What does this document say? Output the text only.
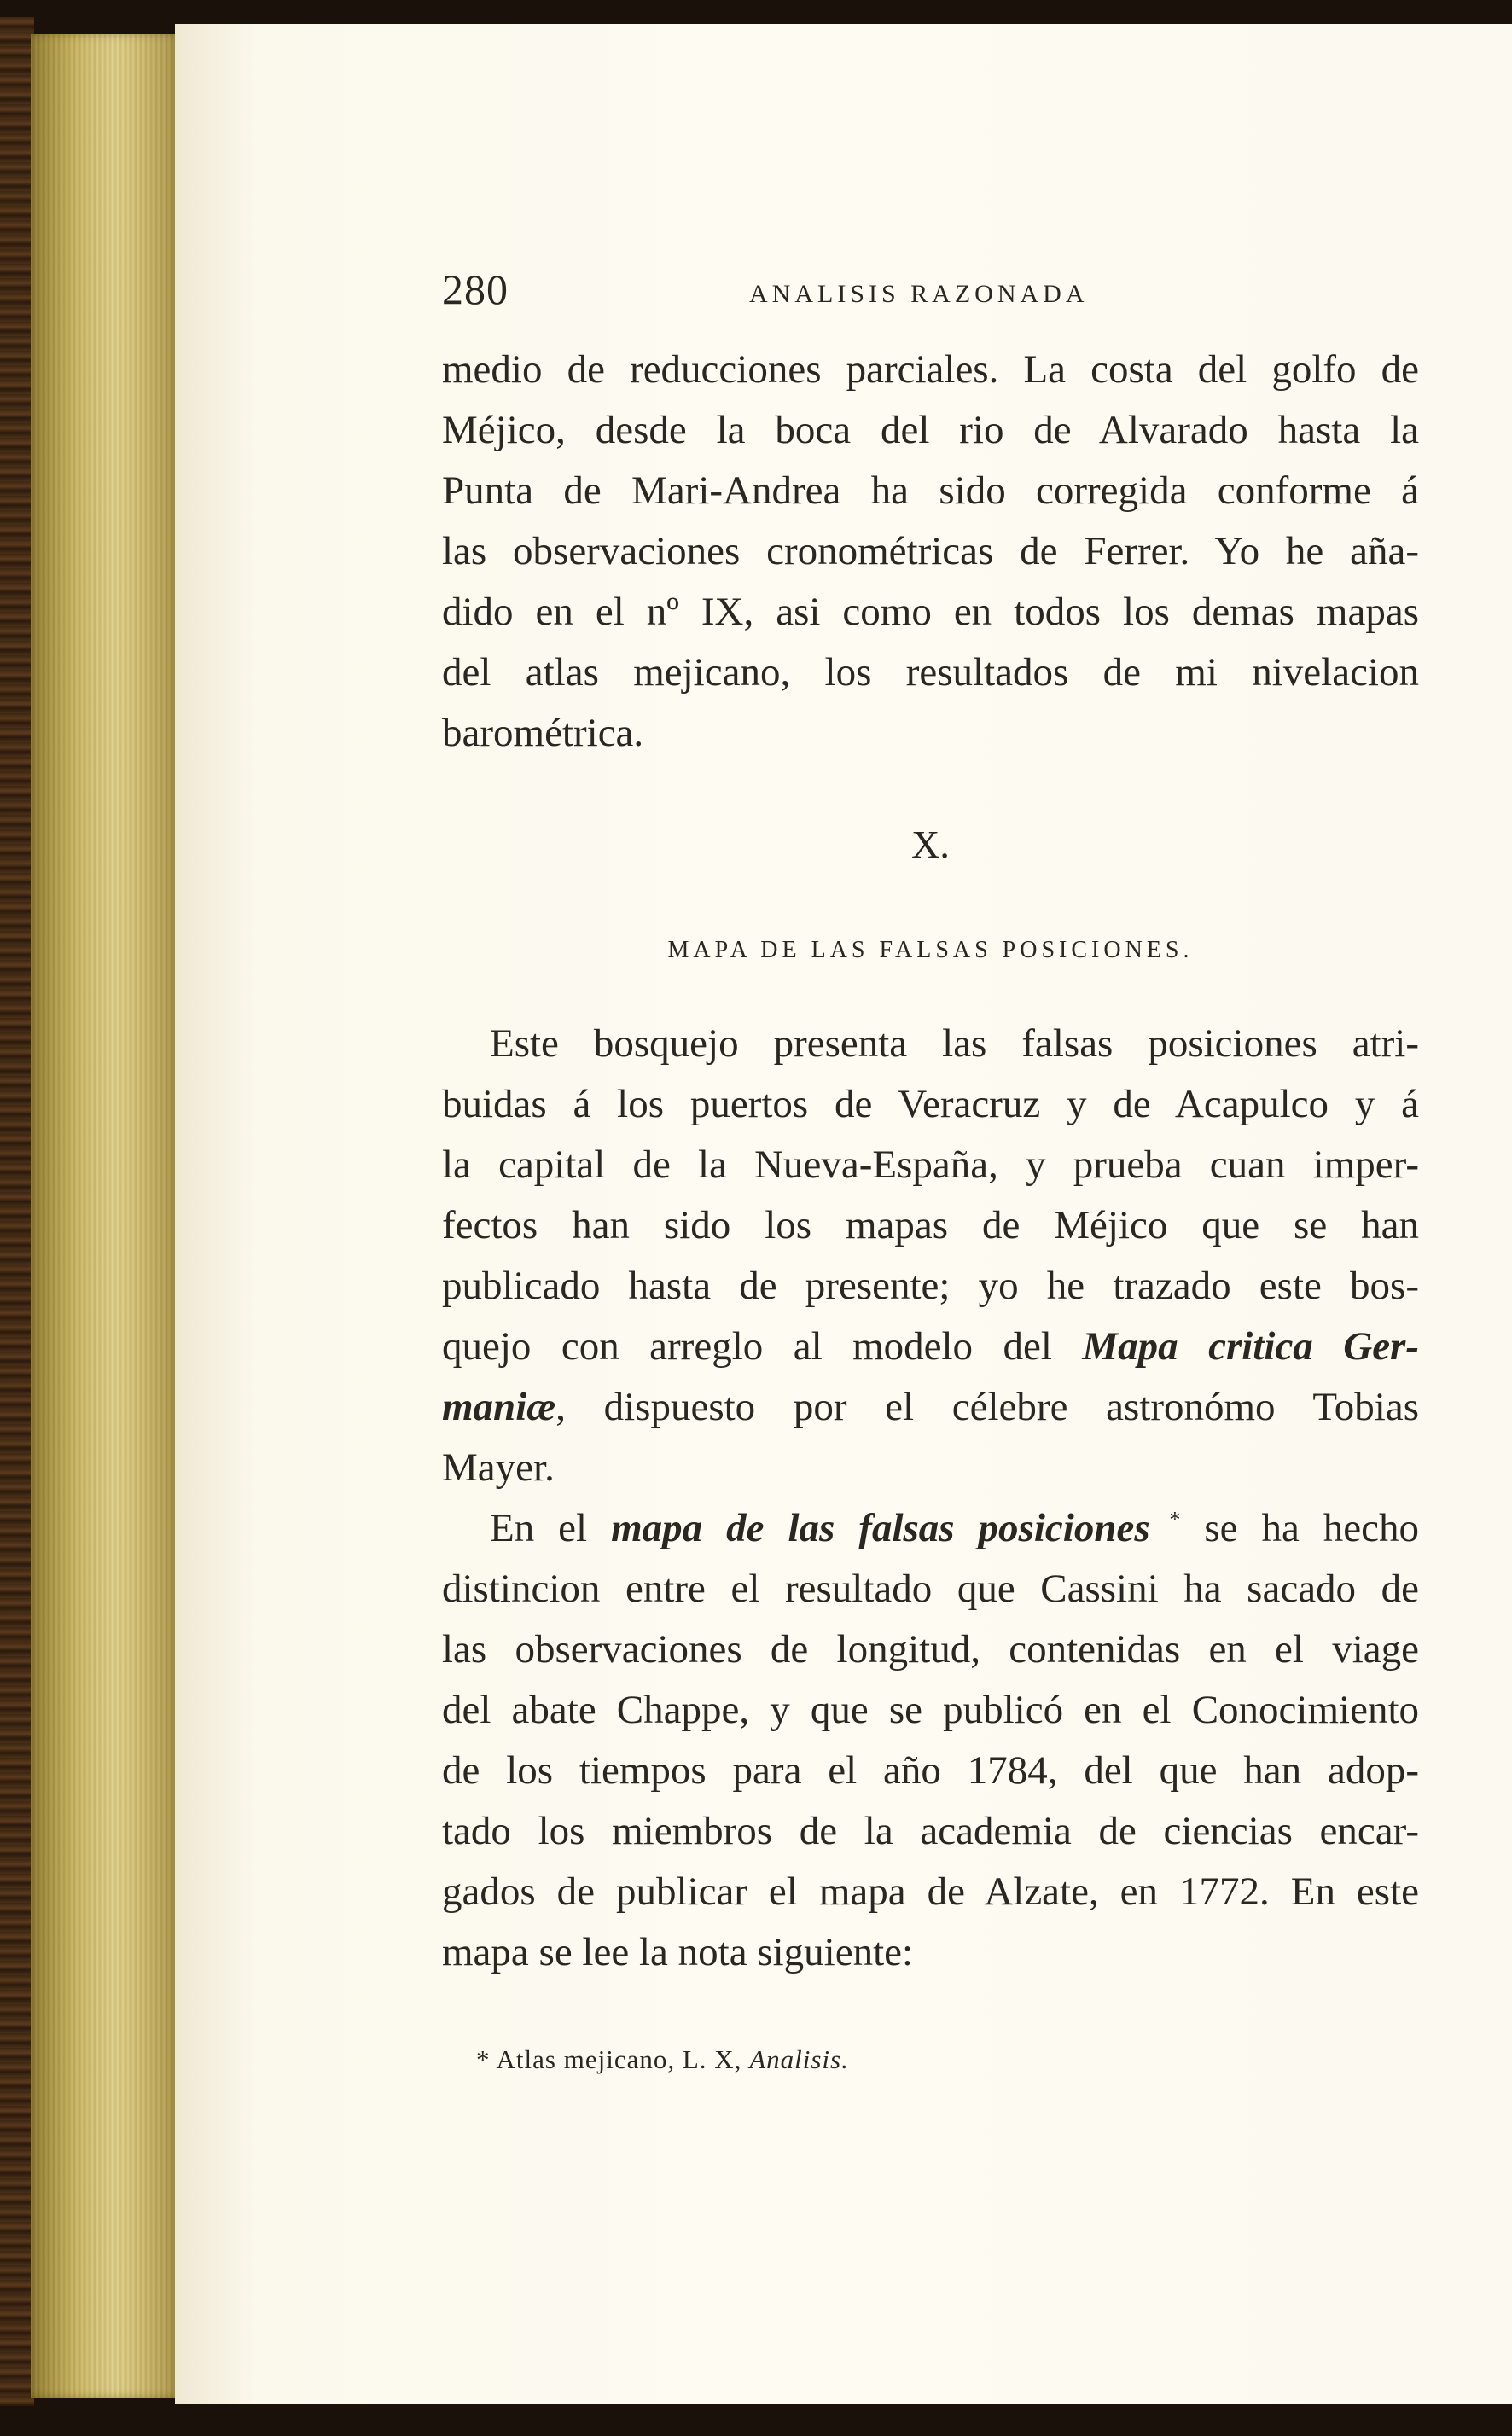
280	ANALISIS RAZONADA
medio de reducciones parciales. La costa del golfo de
Méjico, desde la boca del rio de Alvarado hasta la
Punta de Mari-Andrea ha sido corregida conforme á
las observaciones cronométricas de Ferrer. Yo he aña-
dido en el nº IX, asi como en todos los demas mapas
del atlas mejicano, los resultados de mi nivelacion
barométrica.
X.
MAPA DE LAS FALSAS POSICIONES.
Este bosquejo presenta las falsas posiciones atri-
buidas á los puertos de Veracruz y de Acapulco y á
la capital de la Nueva-España, y prueba cuan imper-
fectos han sido los mapas de Méjico que se han
publicado hasta de presente; yo he trazado este bos-
quejo con arreglo al modelo del Mapa critica Ger-
maniæ, dispuesto por el célebre astronómo Tobias
Mayer.
En el mapa de las falsas posiciones * se ha hecho
distincion entre el resultado que Cassini ha sacado de
las observaciones de longitud, contenidas en el viage
del abate Chappe, y que se publicó en el Conocimiento
de los tiempos para el año 1784, del que han adop-
tado los miembros de la academia de ciencias encar-
gados de publicar el mapa de Alzate, en 1772. En este
mapa se lee la nota siguiente:
* Atlas mejicano, L. X, Analisis.
